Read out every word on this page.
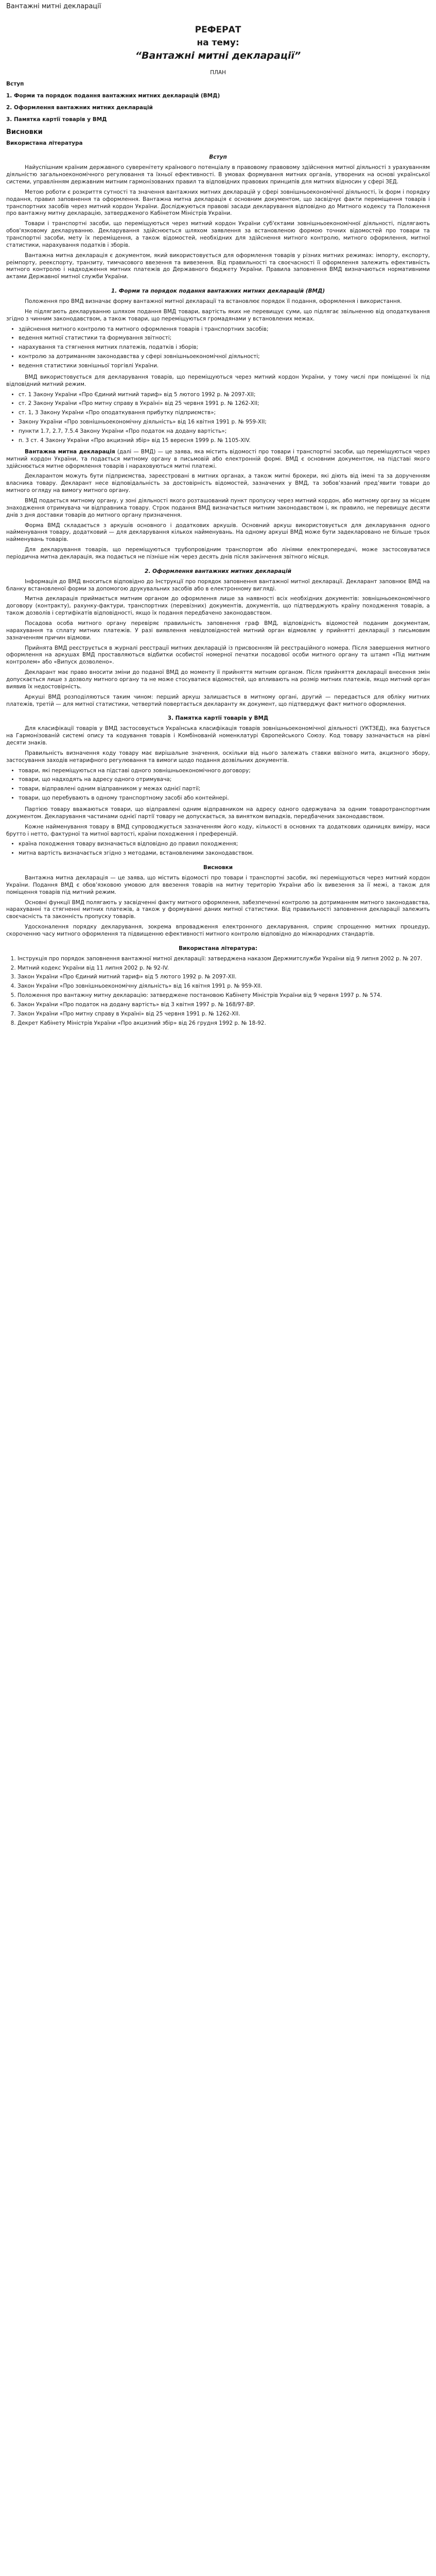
Вантажні митні декларації
РЕФЕРАТ
на тему:
“Вантажні митні декларації”
ПЛАН

Вступ

1. Форми та порядок подання вантажних митних декларацій (ВМД)

2. Оформлення вантажних митних декларацій

3. Памятка картії товарів у ВМД

Висновки

Використана література

Вступ

Найуспішним країним державного суверенітету країнового потенціалу в правовому правовому здійснення митної діяльності з урахуванням діяльністю загальноекономічного регулювання та їхньої ефективності. В умовах формування митних органів, утворених на основі української системи, управлінням державним митним гармонізованих правил та відповідних правових принципів для митних відносин у сфері ЗЕД.

Метою роботи є розкриття сутності та значення вантажних митних декларацій у сфері зовнішньоекономічної діяльності, їх форм і порядку подання, правил заповнення та оформлення. Вантажна митна декларація є основним документом, що засвідчує факти переміщення товарів і транспортних засобів через митний кордон України. Досліджуються правові засади декларування відповідно до Митного кодексу та Положення про вантажну митну декларацію, затвердженого Кабінетом Міністрів України.

Товари і транспортні засоби, що переміщуються через митний кордон України суб'єктами зовнішньоекономічної діяльності, підлягають обов'язковому декларуванню. Декларування здійснюється шляхом заявлення за встановленою формою точних відомостей про товари та транспортні засоби, мету їх переміщення, а також відомостей, необхідних для здійснення митного контролю, митного оформлення, митної статистики, нарахування податків і зборів.

Вантажна митна декларація є документом, який використовується для оформлення товарів у різних митних режимах: імпорту, експорту, реімпорту, реекспорту, транзиту, тимчасового ввезення та вивезення. Від правильності та своєчасності її оформлення залежить ефективність митного контролю і надходження митних платежів до Державного бюджету України. Правила заповнення ВМД визначаються нормативними актами Державної митної служби України.

1. Форми та порядок подання вантажних митних декларацій (ВМД)

Положення про ВМД визначає форму вантажної митної декларації та встановлює порядок її подання, оформлення і використання.

Не підлягають декларуванню шляхом подання ВМД товари, вартість яких не перевищує суми, що підлягає звільненню від оподаткування згідно з чинним законодавством, а також товари, що переміщуються громадянами у встановлених межах.

• здійснення митного контролю та митного оформлення товарів і транспортних засобів;
• ведення митної статистики та формування звітності;
• нарахування та стягнення митних платежів, податків і зборів;
• контролю за дотриманням законодавства у сфері зовнішньоекономічної діяльності;
• ведення статистики зовнішньої торгівлі України.

ВМД використовується для декларування товарів, що переміщуються через митний кордон України, у тому числі при поміщенні їх під відповідний митний режим.

• ст. 1 Закону України «Про Єдиний митний тариф» від 5 лютого 1992 р. № 2097-XII;
• ст. 2 Закону України «Про митну справу в Україні» від 25 червня 1991 р. № 1262-XII;
• ст. 1, 3 Закону України «Про оподаткування прибутку підприємств»;
• Закону України «Про зовнішньоекономічну діяльність» від 16 квітня 1991 р. № 959-XII;
• пункти 1.7, 2.7, 7.5.4 Закону України «Про податок на додану вартість»;
• п. 3 ст. 4 Закону України «Про акцизний збір» від 15 вересня 1999 р. № 1105-XIV.

Вантажна митна декларація (далі — ВМД) — це заява, яка містить відомості про товари і транспортні засоби, що переміщуються через митний кордон України, та подається митному органу в письмовій або електронній формі. ВМД є основним документом, на підставі якого здійснюється митне оформлення товарів і нараховуються митні платежі.

Декларантом можуть бути підприємства, зареєстровані в митних органах, а також митні брокери, які діють від імені та за дорученням власника товару. Декларант несе відповідальність за достовірність відомостей, зазначених у ВМД, та зобов’язаний пред’явити товари до митного огляду на вимогу митного органу.

ВМД подається митному органу, у зоні діяльності якого розташований пункт пропуску через митний кордон, або митному органу за місцем знаходження отримувача чи відправника товару. Строк подання ВМД визначається митним законодавством і, як правило, не перевищує десяти днів з дня доставки товарів до митного органу призначення.

Форма ВМД складається з аркушів основного і додаткових аркушів. Основний аркуш використовується для декларування одного найменування товару, додатковий — для декларування кількох найменувань. На одному аркуші ВМД може бути задекларовано не більше трьох найменувань товарів.

Для декларування товарів, що переміщуються трубопровідним транспортом або лініями електропередачі, може застосовуватися періодична митна декларація, яка подається не пізніше ніж через десять днів після закінчення звітного місяця.

2. Оформлення вантажних митних декларацій

Інформація до ВМД вноситься відповідно до Інструкції про порядок заповнення вантажної митної декларації. Декларант заповнює ВМД на бланку встановленої форми за допомогою друкувальних засобів або в електронному вигляді.

Митна декларація приймається митним органом до оформлення лише за наявності всіх необхідних документів: зовнішньоекономічного договору (контракту), рахунку-фактури, транспортних (перевізних) документів, документів, що підтверджують країну походження товарів, а також дозволів і сертифікатів відповідності, якщо їх подання передбачено законодавством.

Посадова особа митного органу перевіряє правильність заповнення граф ВМД, відповідність відомостей поданим документам, нарахування та сплату митних платежів. У разі виявлення невідповідностей митний орган відмовляє у прийнятті декларації з письмовим зазначенням причин відмови.

Прийнята ВМД реєструється в журналі реєстрації митних декларацій із присвоєнням їй реєстраційного номера. Після завершення митного оформлення на аркушах ВМД проставляються відбитки особистої номерної печатки посадової особи митного органу та штамп «Під митним контролем» або «Випуск дозволено».

Декларант має право вносити зміни до поданої ВМД до моменту її прийняття митним органом. Після прийняття декларації внесення змін допускається лише з дозволу митного органу та не може стосуватися відомостей, що впливають на розмір митних платежів, якщо митний орган виявив їх недостовірність.

Аркуші ВМД розподіляються таким чином: перший аркуш залишається в митному органі, другий — передається для обліку митних платежів, третій — для митної статистики, четвертий повертається декларанту як документ, що підтверджує факт митного оформлення.

3. Памятка картії товарів у ВМД

Для класифікації товарів у ВМД застосовується Українська класифікація товарів зовнішньоекономічної діяльності (УКТЗЕД), яка базується на Гармонізованій системі опису та кодування товарів і Комбінованій номенклатурі Європейського Союзу. Код товару зазначається на рівні десяти знаків.

Правильність визначення коду товару має вирішальне значення, оскільки від нього залежать ставки ввізного мита, акцизного збору, застосування заходів нетарифного регулювання та вимоги щодо подання дозвільних документів.

• товари, які переміщуються на підставі одного зовнішньоекономічного договору;
• товари, що надходять на адресу одного отримувача;
• товари, відправлені одним відправником у межах однієї партії;
• товари, що перебувають в одному транспортному засобі або контейнері.

Партією товару вважаються товари, що відправлені одним відправником на адресу одного одержувача за одним товаротранспортним документом. Декларування частинами однієї партії товару не допускається, за винятком випадків, передбачених законодавством.

Кожне найменування товару в ВМД супроводжується зазначенням його коду, кількості в основних та додаткових одиницях виміру, маси брутто і нетто, фактурної та митної вартості, країни походження і преференцій.

• країна походження товару визначається відповідно до правил походження;
• митна вартість визначається згідно з методами, встановленими законодавством.
Висновки

Вантажна митна декларація — це заява, що містить відомості про товари і транспортні засоби, які переміщуються через митний кордон України. Подання ВМД є обов’язковою умовою для ввезення товарів на митну територію України або їх вивезення за її межі, а також для поміщення товарів під митний режим.

Основні функції ВМД полягають у засвідченні факту митного оформлення, забезпеченні контролю за дотриманням митного законодавства, нарахуванні та стягненні митних платежів, а також у формуванні даних митної статистики. Від правильності заповнення декларації залежить своєчасність та законність пропуску товарів.

Удосконалення порядку декларування, зокрема впровадження електронного декларування, сприяє спрощенню митних процедур, скороченню часу митного оформлення та підвищенню ефективності митного контролю відповідно до міжнародних стандартів.

Використана література:
1. Інструкція про порядок заповнення вантажної митної декларації: затверджена наказом Держмитслужби України від 9 липня 2002 р. № 207.
2. Митний кодекс України від 11 липня 2002 р. № 92-IV.
3. Закон України «Про Єдиний митний тариф» від 5 лютого 1992 р. № 2097-XII.
4. Закон України «Про зовнішньоекономічну діяльність» від 16 квітня 1991 р. № 959-XII.
5. Положення про вантажну митну декларацію: затверджене постановою Кабінету Міністрів України від 9 червня 1997 р. № 574.
6. Закон України «Про податок на додану вартість» від 3 квітня 1997 р. № 168/97-ВР.
7. Закон України «Про митну справу в Україні» від 25 червня 1991 р. № 1262-XII.
8. Декрет Кабінету Міністрів України «Про акцизний збір» від 26 грудня 1992 р. № 18-92.
